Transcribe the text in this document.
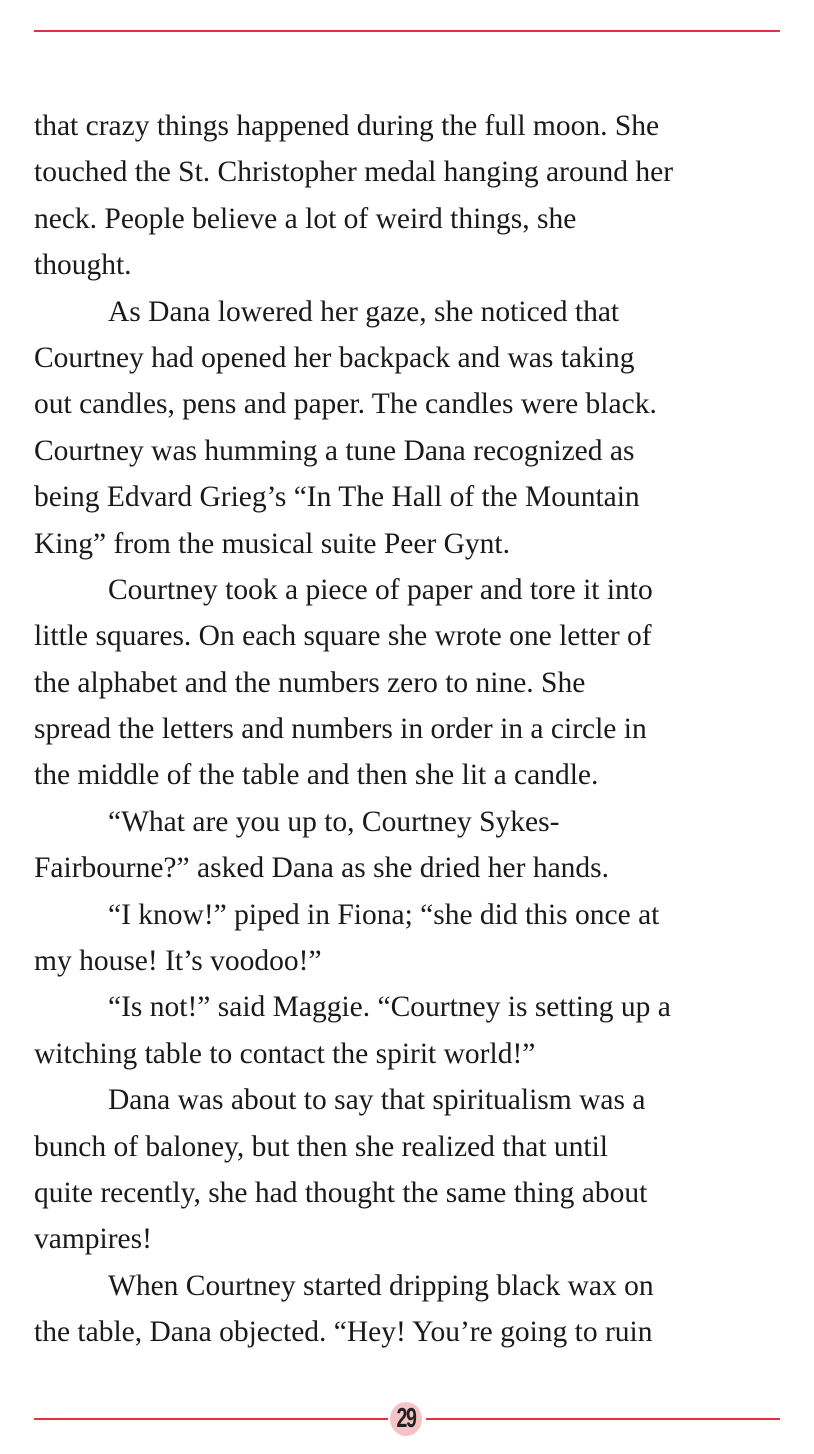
that crazy things happened during the full moon. She
touched the St. Christopher medal hanging around her
neck. People believe a lot of weird things, she
thought.
As Dana lowered her gaze, she noticed that
Courtney had opened her backpack and was taking
out candles, pens and paper. The candles were black.
Courtney was humming a tune Dana recognized as
being Edvard Grieg’s “In The Hall of the Mountain
King” from the musical suite Peer Gynt.
Courtney took a piece of paper and tore it into
little squares. On each square she wrote one letter of
the alphabet and the numbers zero to nine. She
spread the letters and numbers in order in a circle in
the middle of the table and then she lit a candle.
“What are you up to, Courtney Sykes-
Fairbourne?” asked Dana as she dried her hands.
“I know!” piped in Fiona; “she did this once at
my house! It’s voodoo!”
“Is not!” said Maggie. “Courtney is setting up a
witching table to contact the spirit world!”
Dana was about to say that spiritualism was a
bunch of baloney, but then she realized that until
quite recently, she had thought the same thing about
vampires!
When Courtney started dripping black wax on
the table, Dana objected. “Hey! You’re going to ruin
29
